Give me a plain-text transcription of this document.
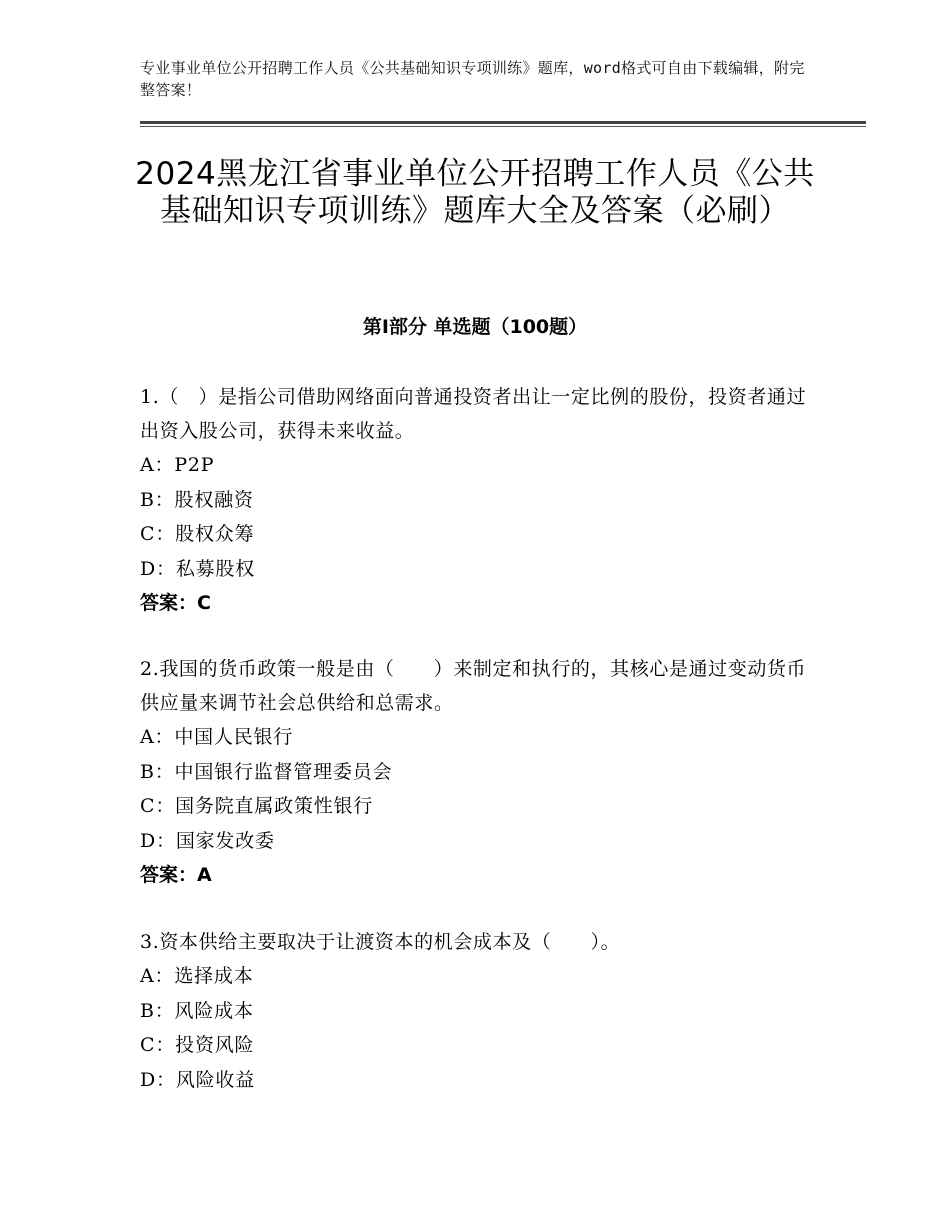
专业事业单位公开招聘工作人员《公共基础知识专项训练》题库，word格式可自由下载编辑，附完整答案！
2024黑龙江省事业单位公开招聘工作人员《公共基础知识专项训练》题库大全及答案（必刷）
第Ⅰ部分 单选题（100题）

1.（　）是指公司借助网络面向普通投资者出让一定比例的股份，投资者通过出资入股公司，获得未来收益。

A：P2P

B：股权融资

C：股权众筹

D：私募股权

答案：C

2.我国的货币政策一般是由（　　）来制定和执行的，其核心是通过变动货币供应量来调节社会总供给和总需求。

A：中国人民银行

B：中国银行监督管理委员会

C：国务院直属政策性银行

D：国家发改委

答案：A

3.资本供给主要取决于让渡资本的机会成本及（　　）。

A：选择成本

B：风险成本

C：投资风险

D：风险收益
